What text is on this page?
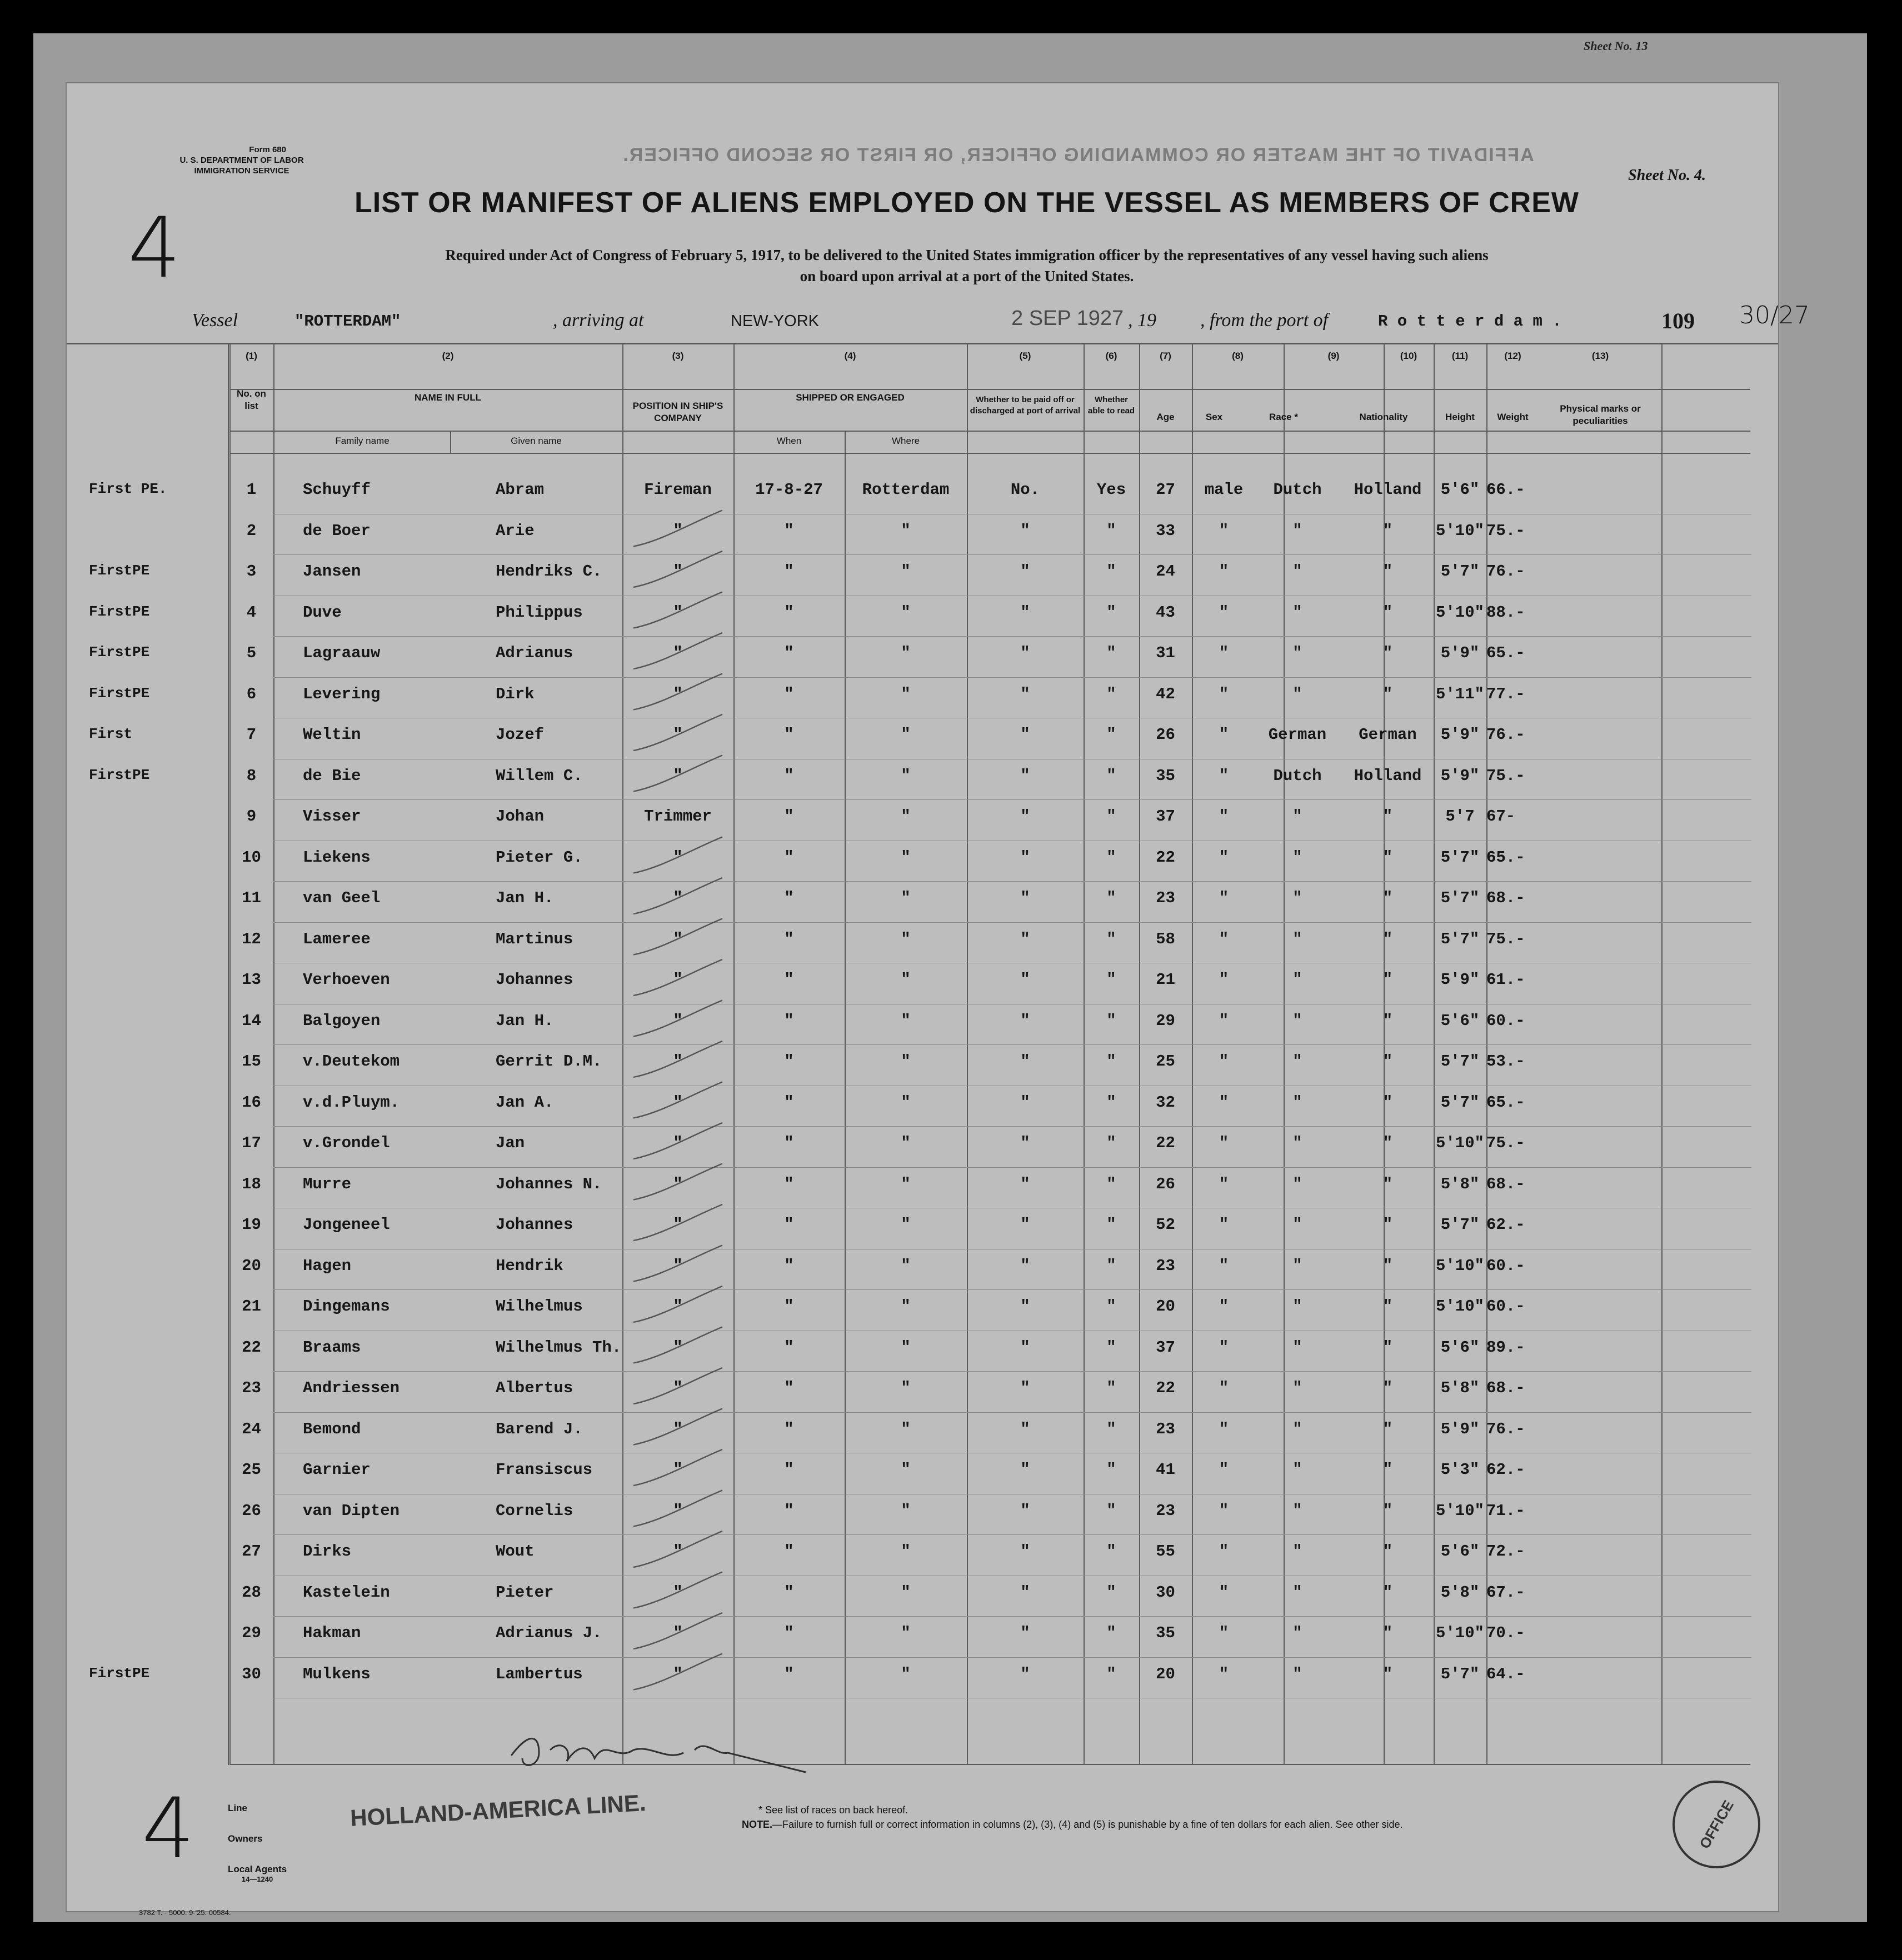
Sheet No. 13
AFFIDAVIT OF THE MASTER OR COMMANDING OFFICER, OR FIRST OR SECOND OFFICER.
Form 680
U. S. DEPARTMENT OF LABOR
IMMIGRATION SERVICE
4
Sheet No. 4.
LIST OR MANIFEST OF ALIENS EMPLOYED ON THE VESSEL AS MEMBERS OF CREW
Required under Act of Congress of February 5, 1917, to be delivered to the United States immigration officer by the representatives of any vessel having such aliens
on board upon arrival at a port of the United States.
Vessel	"ROTTERDAM"	, arriving at	NEW-YORK	2 SEP 1927 , 19 , from the port of	R o t t e r d a m .	109 30/27
(1)	(2)	(3)	(4)	(5)	(6)	(7)	(8)	(9)	(10)	(11)	(12)	(13)
No. on list
NAME IN FULL
Family name	Given name
POSITION IN SHIP'S COMPANY
SHIPPED OR ENGAGED
When	Where
Whether to be paid off or discharged at port of arrival
Whether able to read
Age	Sex	Race *	Nationality	Height	Weight
Physical marks or peculiarities
First PE.	1	Schuyff	Abram	Fireman	17-8-27	Rotterdam	No.	Yes	27	male	Dutch	Holland	5'6" 66.-
2	de Boer	Arie	"	"	"	"	"	33	"	"	"	5'10" 75.-
FirstPE	3	Jansen	Hendriks C.	"	"	"	"	"	24	"	"	"	5'7" 76.-
FirstPE	4	Duve	Philippus	"	"	"	"	"	43	"	"	"	5'10" 88.-
FirstPE	5	Lagraauw	Adrianus	"	"	"	"	"	31	"	"	"	5'9" 65.-
FirstPE	6	Levering	Dirk	"	"	"	"	"	42	"	"	"	5'11" 77.-
First	7	Weltin	Jozef	"	"	"	"	"	26	"	German	German	5'9" 76.-
FirstPE	8	de Bie	Willem C.	"	"	"	"	"	35	"	Dutch	Holland	5'9" 75.-
9	Visser	Johan	Trimmer	"	"	"	"	37	"	"	"	5'7 67-
10	Liekens	Pieter G.	"	"	"	"	"	22	"	"	"	5'7" 65.-
11	van Geel	Jan H.	"	"	"	"	"	23	"	"	"	5'7" 68.-
12	Lameree	Martinus	"	"	"	"	"	58	"	"	"	5'7" 75.-
13	Verhoeven	Johannes	"	"	"	"	"	21	"	"	"	5'9" 61.-
14	Balgoyen	Jan H.	"	"	"	"	"	29	"	"	"	5'6" 60.-
15	v.Deutekom	Gerrit D.M.	"	"	"	"	"	25	"	"	"	5'7" 53.-
16	v.d.Pluym.	Jan A.	"	"	"	"	"	32	"	"	"	5'7" 65.-
17	v.Grondel	Jan	"	"	"	"	"	22	"	"	"	5'10" 75.-
18	Murre	Johannes N.	"	"	"	"	"	26	"	"	"	5'8" 68.-
19	Jongeneel	Johannes	"	"	"	"	"	52	"	"	"	5'7" 62.-
20	Hagen	Hendrik	"	"	"	"	"	23	"	"	"	5'10" 60.-
21	Dingemans	Wilhelmus	"	"	"	"	"	20	"	"	"	5'10" 60.-
22	Braams	Wilhelmus Th.	"	"	"	"	"	37	"	"	"	5'6" 89.-
23	Andriessen	Albertus	"	"	"	"	"	22	"	"	"	5'8" 68.-
24	Bemond	Barend J.	"	"	"	"	"	23	"	"	"	5'9" 76.-
25	Garnier	Fransiscus	"	"	"	"	"	41	"	"	"	5'3" 62.-
26	van Dipten	Cornelis	"	"	"	"	"	23	"	"	"	5'10" 71.-
27	Dirks	Wout	"	"	"	"	"	55	"	"	"	5'6" 72.-
28	Kastelein	Pieter	"	"	"	"	"	30	"	"	"	5'8" 67.-
29	Hakman	Adrianus J.	"	"	"	"	"	35	"	"	"	5'10" 70.-
FirstPE	30	Mulkens	Lambertus	"	"	"	"	"	20	"	"	"	5'7" 64.-
4	Line
Owners
Local Agents
14—1240
HOLLAND-AMERICA LINE.	* See list of races on back hereof.
NOTE.—Failure to furnish full or correct information in columns (2), (3), (4) and (5) is punishable by a fine of ten dollars for each alien. See other side.
3782 T. - 5000. 9-'25. 00584.
OFFICE
